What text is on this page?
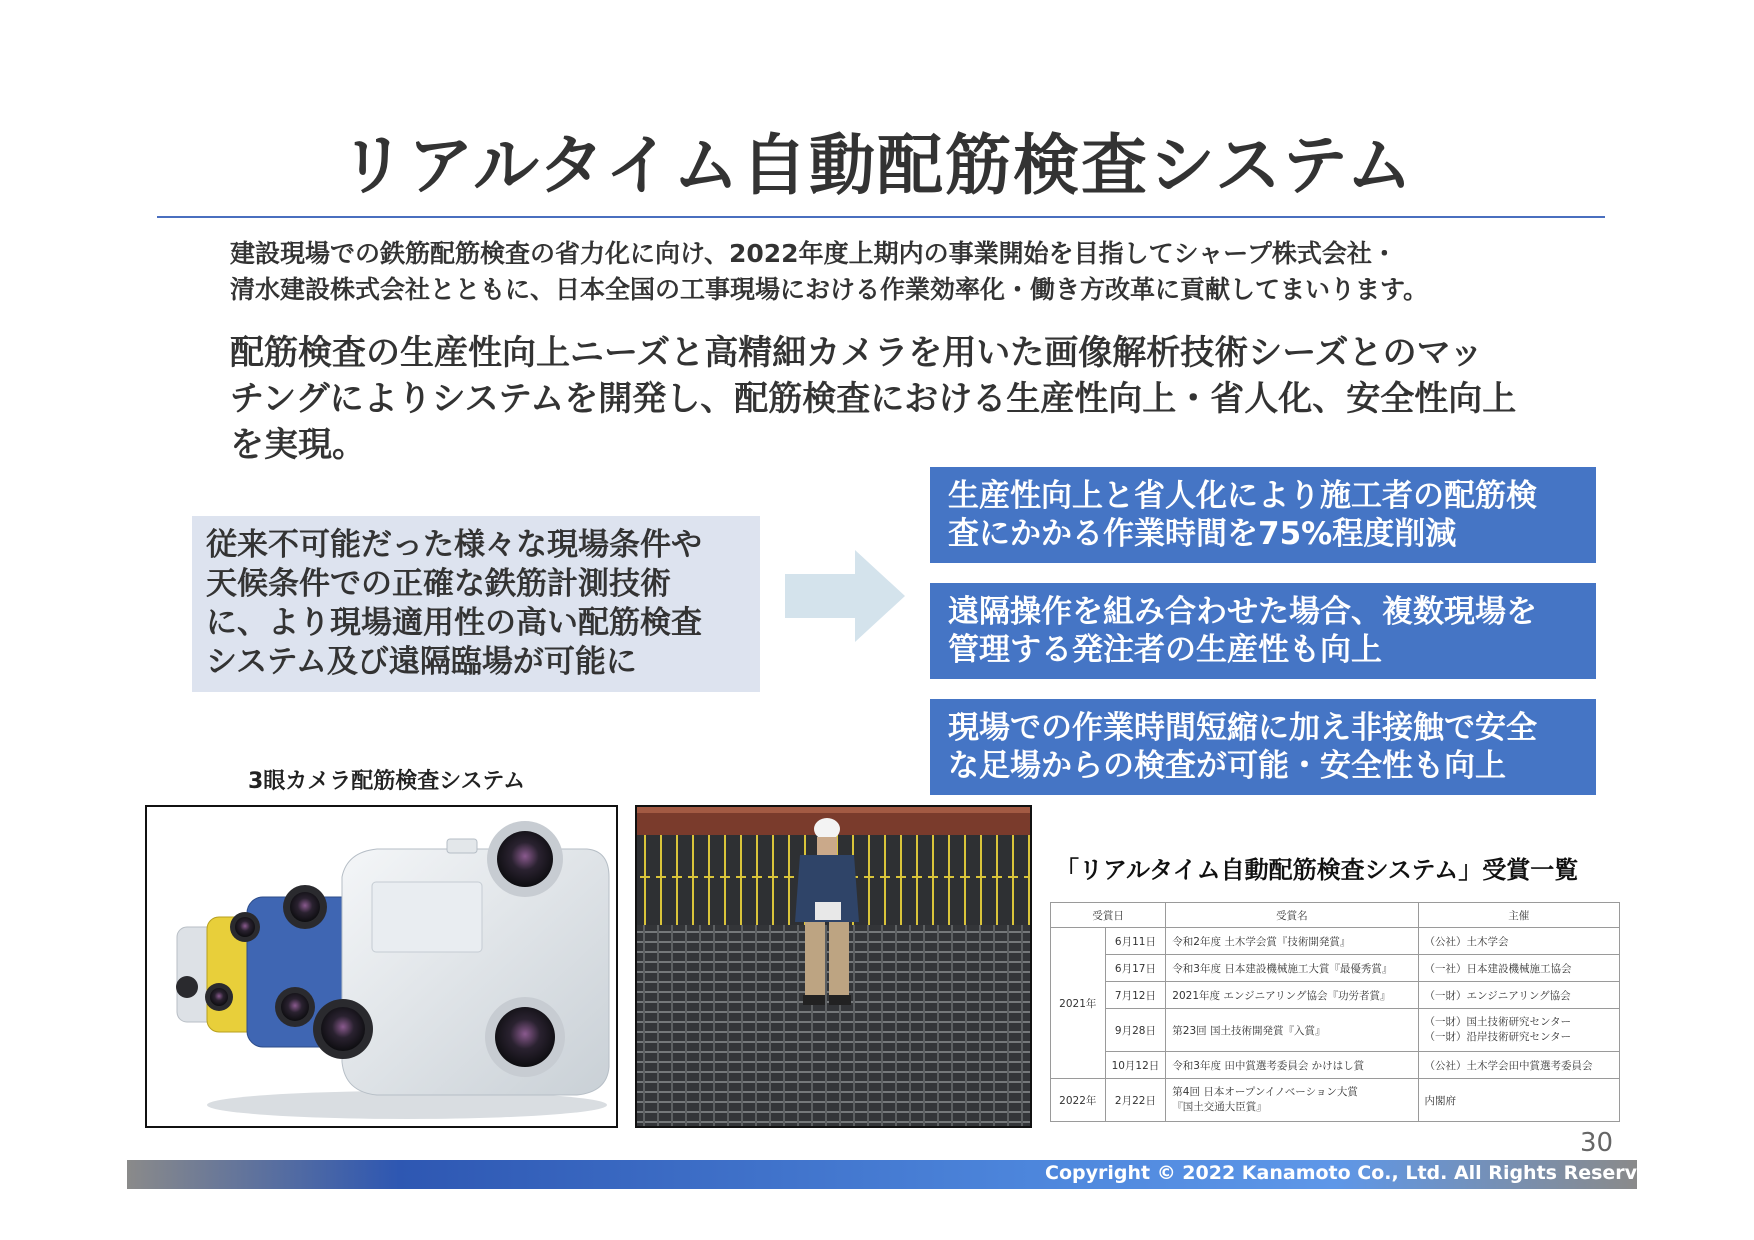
リアルタイム自動配筋検査システム

建設現場での鉄筋配筋検査の省力化に向け、2022年度上期内の事業開始を目指してシャープ株式会社・

清水建設株式会社とともに、日本全国の工事現場における作業効率化・働き方改革に貢献してまいります。

配筋検査の生産性向上ニーズと高精細カメラを用いた画像解析技術シーズとのマッ

チングによりシステムを開発し、配筋検査における生産性向上・省人化、安全性向上

を実現。

従来不可能だった様々な現場条件や

天候条件での正確な鉄筋計測技術

に、より現場適用性の高い配筋検査

システム及び遠隔臨場が可能に

生産性向上と省人化により施工者の配筋検

査にかかる作業時間を75%程度削減

遠隔操作を組み合わせた場合、複数現場を

管理する発注者の生産性も向上

現場での作業時間短縮に加え非接触で安全

な足場からの検査が可能・安全性も向上

3眼カメラ配筋検査システム
「リアルタイム自動配筋検査システム」受賞一覧
受賞日		受賞名	主催
2021年	6月11日	令和2年度 土木学会賞『技術開発賞』	（公社）土木学会
	6月17日	令和3年度 日本建設機械施工大賞『最優秀賞』	（一社）日本建設機械施工協会
	7月12日	2021年度 エンジニアリング協会『功労者賞』	（一財）エンジニアリング協会
	9月28日	第23回 国土技術開発賞『入賞』	（一財）国土技術研究センター
（一財）沿岸技術研究センター

	10月12日	令和3年度 田中賞選考委員会 かけはし賞	（公社）土木学会田中賞選考委員会
2022年	2月22日	第4回 日本オープンイノベーション大賞
『国土交通大臣賞』	内閣府
30
Copyright © 2022 Kanamoto Co., Ltd. All Rights Reserved.
